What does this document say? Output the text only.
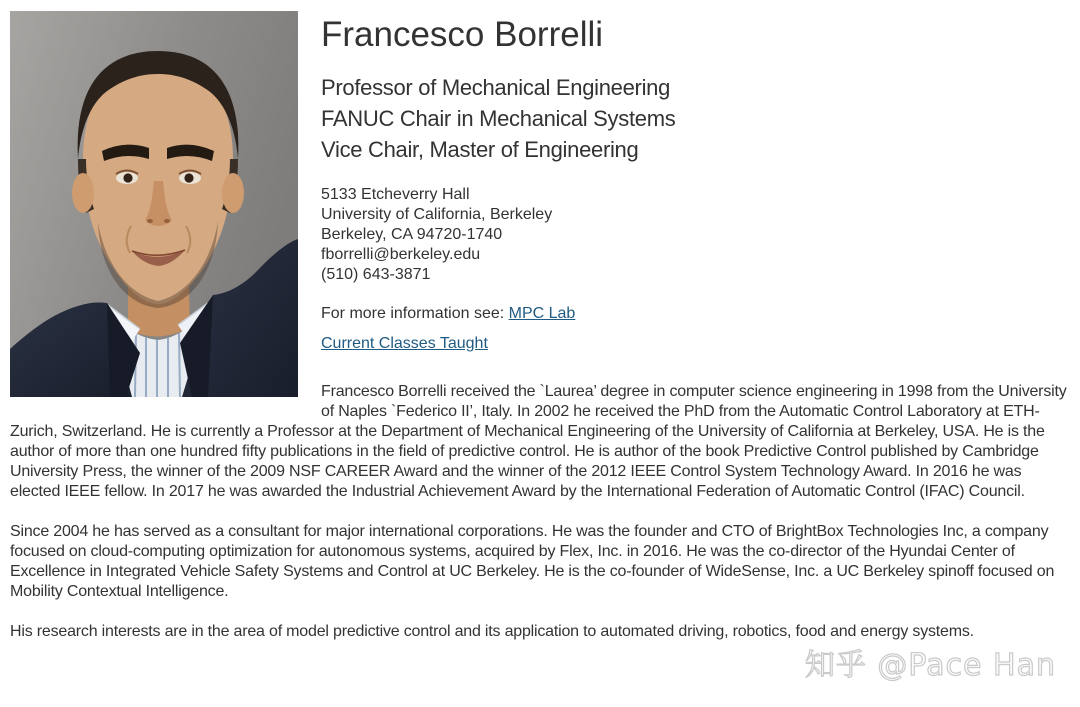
Francesco Borrelli
Professor of Mechanical Engineering
FANUC Chair in Mechanical Systems
Vice Chair, Master of Engineering
5133 Etcheverry Hall
University of California, Berkeley
Berkeley, CA 94720-1740
fborrelli@berkeley.edu
(510) 643-3871

For more information see: MPC Lab

Current Classes Taught

Francesco Borrelli received the `Laurea’ degree in computer science engineering in 1998 from the University of Naples `Federico II’, Italy. In 2002 he received the PhD from the Automatic Control Laboratory at ETH-Zurich, Switzerland. He is currently a Professor at the Department of Mechanical Engineering of the University of California at Berkeley, USA. He is the author of more than one hundred fifty publications in the field of predictive control. He is author of the book Predictive Control published by Cambridge University Press, the winner of the 2009 NSF CAREER Award and the winner of the 2012 IEEE Control System Technology Award. In 2016 he was elected IEEE fellow. In 2017 he was awarded the Industrial Achievement Award by the International Federation of Automatic Control (IFAC) Council.

Since 2004 he has served as a consultant for major international corporations. He was the founder and CTO of BrightBox Technologies Inc, a company focused on cloud-computing optimization for autonomous systems, acquired by Flex, Inc. in 2016. He was the co-director of the Hyundai Center of Excellence in Integrated Vehicle Safety Systems and Control at UC Berkeley. He is the co-founder of WideSense, Inc. a UC Berkeley spinoff focused on Mobility Contextual Intelligence.

His research interests are in the area of model predictive control and its application to automated driving, robotics, food and energy systems.

知乎 @Pace Han
